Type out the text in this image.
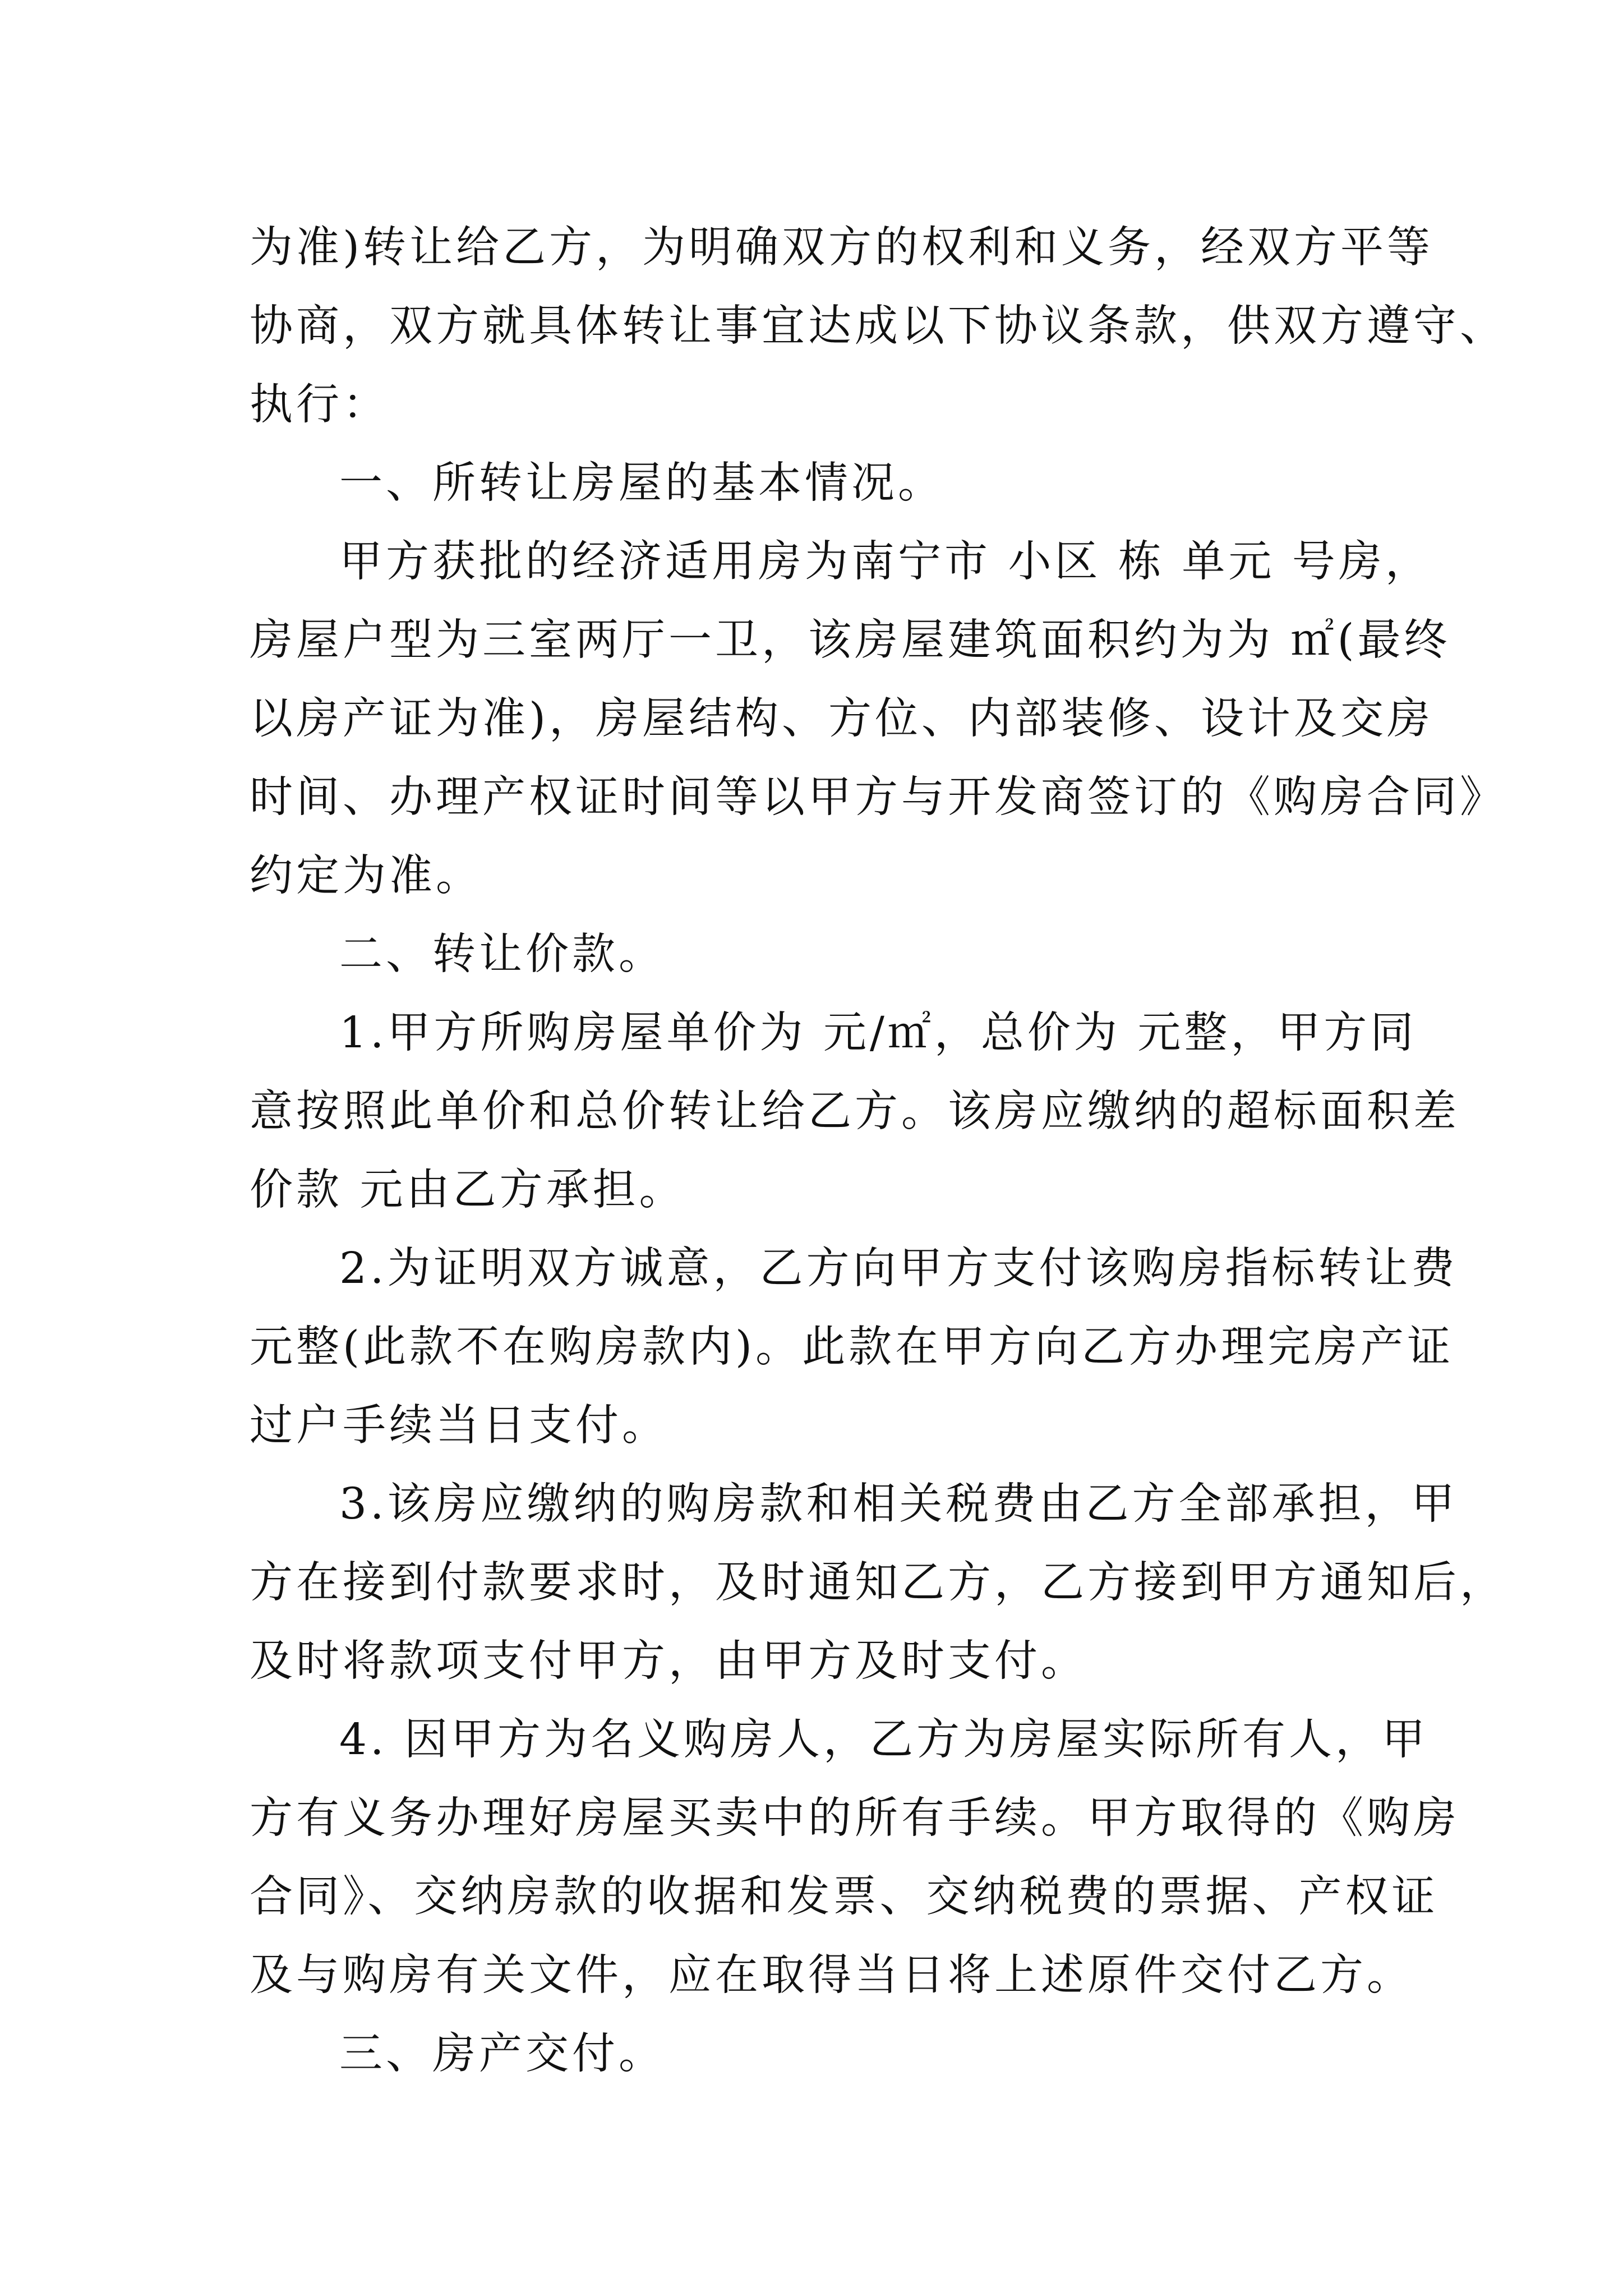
为准)转让给乙方，为明确双方的权利和义务，经双方平等
协商，双方就具体转让事宜达成以下协议条款，供双方遵守、
执行：
一、所转让房屋的基本情况。
甲方获批的经济适用房为南宁市 小区 栋 单元 号房，
房屋户型为三室两厅一卫，该房屋建筑面积约为为 ㎡(最终
以房产证为准)，房屋结构、方位、内部装修、设计及交房
时间、办理产权证时间等以甲方与开发商签订的《购房合同》
约定为准。
二、转让价款。
1.甲方所购房屋单价为 元/㎡，总价为 元整，甲方同
意按照此单价和总价转让给乙方。该房应缴纳的超标面积差
价款 元由乙方承担。
2.为证明双方诚意，乙方向甲方支付该购房指标转让费
元整(此款不在购房款内)。此款在甲方向乙方办理完房产证
过户手续当日支付。
3.该房应缴纳的购房款和相关税费由乙方全部承担，甲
方在接到付款要求时，及时通知乙方，乙方接到甲方通知后，
及时将款项支付甲方，由甲方及时支付。
4. 因甲方为名义购房人，乙方为房屋实际所有人，甲
方有义务办理好房屋买卖中的所有手续。甲方取得的《购房
合同》、交纳房款的收据和发票、交纳税费的票据、产权证
及与购房有关文件，应在取得当日将上述原件交付乙方。
三、房产交付。
